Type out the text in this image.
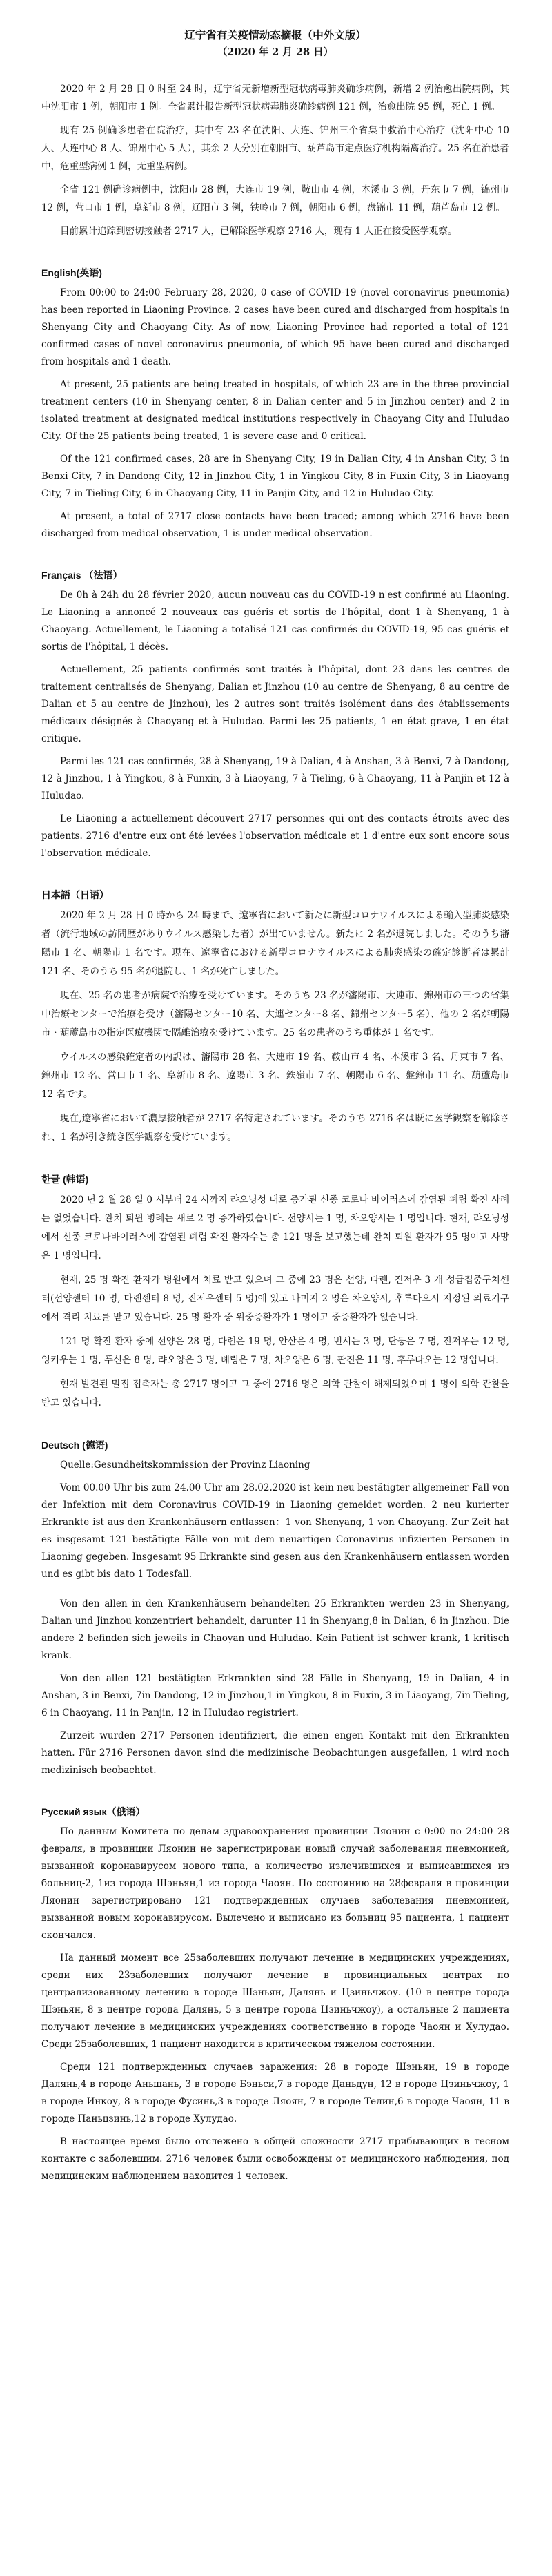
辽宁省有关疫情动态摘报（中外文版）
（2020 年 2 月 28 日）

2020 年 2 月 28 日 0 时至 24 时，辽宁省无新增新型冠状病毒肺炎确诊病例，新增 2 例治愈出院病例，其中沈阳市 1 例，朝阳市 1 例。全省累计报告新型冠状病毒肺炎确诊病例 121 例，治愈出院 95 例，死亡 1 例。

现有 25 例确诊患者在院治疗，其中有 23 名在沈阳、大连、锦州三个省集中救治中心治疗（沈阳中心 10 人、大连中心 8 人、锦州中心 5 人），其余 2 人分别在朝阳市、葫芦岛市定点医疗机构隔离治疗。25 名在治患者中，危重型病例 1 例，无重型病例。

全省 121 例确诊病例中，沈阳市 28 例，大连市 19 例，鞍山市 4 例，本溪市 3 例，丹东市 7 例，锦州市 12 例，营口市 1 例，阜新市 8 例，辽阳市 3 例，铁岭市 7 例，朝阳市 6 例，盘锦市 11 例，葫芦岛市 12 例。

目前累计追踪到密切接触者 2717 人，已解除医学观察 2716 人，现有 1 人正在接受医学观察。

English(英语)

From 00:00 to 24:00 February 28, 2020, 0 case of COVID-19 (novel coronavirus pneumonia) has been reported in Liaoning Province. 2 cases have been cured and discharged from hospitals in Shenyang City and Chaoyang City. As of now, Liaoning Province had reported a total of 121 confirmed cases of novel coronavirus pneumonia, of which 95 have been cured and discharged from hospitals and 1 death.

At present, 25 patients are being treated in hospitals, of which 23 are in the three provincial treatment centers (10 in Shenyang center, 8 in Dalian center and 5 in Jinzhou center) and 2 in isolated treatment at designated medical institutions respectively in Chaoyang City and Huludao City. Of the 25 patients being treated, 1 is severe case and 0 critical.

Of the 121 confirmed cases, 28 are in Shenyang City, 19 in Dalian City, 4 in Anshan City, 3 in Benxi City, 7 in Dandong City, 12 in Jinzhou City, 1 in Yingkou City, 8 in Fuxin City, 3 in Liaoyang City, 7 in Tieling City, 6 in Chaoyang City, 11 in Panjin City, and 12 in Huludao City.

At present, a total of 2717 close contacts have been traced; among which 2716 have been discharged from medical observation, 1 is under medical observation.

Français （法语）

De 0h à 24h du 28 février 2020, aucun nouveau cas du COVID-19 n'est confirmé au Liaoning. Le Liaoning a annoncé 2 nouveaux cas guéris et sortis de l'hôpital, dont 1 à Shenyang, 1 à Chaoyang. Actuellement, le Liaoning a totalisé 121 cas confirmés du COVID-19, 95 cas guéris et sortis de l'hôpital, 1 décès.

Actuellement, 25 patients confirmés sont traités à l'hôpital, dont 23 dans les centres de traitement centralisés de Shenyang, Dalian et Jinzhou (10 au centre de Shenyang, 8 au centre de Dalian et 5 au centre de Jinzhou), les 2 autres sont traités isolément dans des établissements médicaux désignés à Chaoyang et à Huludao. Parmi les 25 patients, 1 en état grave, 1 en état critique.

Parmi les 121 cas confirmés, 28 à Shenyang, 19 à Dalian, 4 à Anshan, 3 à Benxi, 7 à Dandong, 12 à Jinzhou, 1 à Yingkou, 8 à Funxin, 3 à Liaoyang, 7 à Tieling, 6 à Chaoyang, 11 à Panjin et 12 à Huludao.

Le Liaoning a actuellement découvert 2717 personnes qui ont des contacts étroits avec des patients. 2716 d'entre eux ont été levées l'observation médicale et 1 d'entre eux sont encore sous l'observation médicale.

日本語（日语）

2020 年 2 月 28 日 0 時から 24 時まで、遼寧省において新たに新型コロナウイルスによる輸入型肺炎感染者（流行地域の訪問歴がありウイルス感染した者）が出ていません。新たに 2 名が退院しました。そのうち瀋陽市 1 名、朝陽市 1 名です。現在、遼寧省における新型コロナウイルスによる肺炎感染の確定診断者は累計 121 名、そのうち 95 名が退院し、1 名が死亡しました。

現在、25 名の患者が病院で治療を受けています。そのうち 23 名が瀋陽市、大連市、錦州市の三つの省集中治療センターで治療を受け（瀋陽センター10 名、大連センター8 名、錦州センター5 名）、他の 2 名が朝陽市・葫蘆島市の指定医療機関で隔離治療を受けています。25 名の患者のうち重体が 1 名です。

ウイルスの感染確定者の内訳は、瀋陽市 28 名、大連市 19 名、鞍山市 4 名、本溪市 3 名、丹東市 7 名、錦州市 12 名、営口市 1 名、阜新市 8 名、遼陽市 3 名、鉄嶺市 7 名、朝陽市 6 名、盤錦市 11 名、葫蘆島市 12 名です。

現在,遼寧省において濃厚接触者が 2717 名特定されています。そのうち 2716 名は既に医学観察を解除され、1 名が引き続き医学観察を受けています。

한글 (韩语)

2020 년 2 월 28 일 0 시부터 24 시까지 랴오닝성 내로 증가된 신종 코로나 바이러스에 감염된 폐렴 확진 사례는 없었습니다. 완치 퇴원 병례는 새로 2 명 증가하였습니다. 선양시는 1 명, 차오양시는 1 명입니다. 현재, 랴오닝성에서 신종 코로나바이러스에 감염된 폐렴 확진 환자수는 총 121 명을 보고했는데 완치 퇴원 환자가 95 명이고 사망은 1 명입니다.

현재, 25 명 확진 환자가 병원에서 치료 받고 있으며 그 중에 23 명은 선양, 다롄, 진저우 3 개 성급집중구치센터(선양센터 10 명, 다롄센터 8 명, 진저우센터 5 명)에 있고 나머지 2 명은 차오양시, 후루다오시 지정된 의료기구에서 격리 치료를 받고 있습니다. 25 명 환자 중 위중증환자가 1 명이고 중증환자가 없습니다.

121 명 확진 환자 중에 선양은 28 명, 다롄은 19 명, 안산은 4 명, 번시는 3 명, 단둥은 7 명, 진저우는 12 명, 잉커우는 1 명, 푸신은 8 명, 랴오양은 3 명, 톄링은 7 명, 차오양은 6 명, 판진은 11 명, 후루다오는 12 명입니다.

현재 발견된 밀접 접촉자는 총 2717 명이고 그 중에 2716 명은 의학 관찰이 해제되었으며 1 명이 의학 관찰을 받고 있습니다.

Deutsch (德语)

Quelle:Gesundheitskommission der Provinz Liaoning

Vom 00.00 Uhr bis zum 24.00 Uhr am 28.02.2020 ist kein neu bestätigter allgemeiner Fall von der Infektion mit dem Coronavirus COVID-19 in Liaoning gemeldet worden. 2 neu kurierter Erkrankte ist aus den Krankenhäusern entlassen：1 von Shenyang, 1 von Chaoyang. Zur Zeit hat es insgesamt 121 bestätigte Fälle von mit dem neuartigen Coronavirus infizierten Personen in Liaoning gegeben. Insgesamt 95 Erkrankte sind gesen aus den Krankenhäusern entlassen worden und es gibt bis dato 1 Todesfall.

Von den allen in den Krankenhäusern behandelten 25 Erkrankten werden 23 in Shenyang, Dalian und Jinzhou konzentriert behandelt, darunter 11 in Shenyang,8 in Dalian, 6 in Jinzhou. Die andere 2 befinden sich jeweils in Chaoyan und Huludao. Kein Patient ist schwer krank, 1 kritisch krank.

Von den allen 121 bestätigten Erkrankten sind 28 Fälle in Shenyang, 19 in Dalian, 4 in Anshan, 3 in Benxi, 7in Dandong, 12 in Jinzhou,1 in Yingkou, 8 in Fuxin, 3 in Liaoyang, 7in Tieling, 6 in Chaoyang, 11 in Panjin, 12 in Huludao registriert.

Zurzeit wurden 2717 Personen identifiziert, die einen engen Kontakt mit den Erkrankten hatten. Für 2716 Personen davon sind die medizinische Beobachtungen ausgefallen, 1 wird noch medizinisch beobachtet.

Русский язык（俄语）

По данным Комитета по делам здравоохранения провинции Ляонин с 0:00 по 24:00 28 февраля, в провинции Ляонин не зарегистрирован новый случай заболевания пневмонией, вызванной коронавирусом нового типа, а количество излечившихся и выписавшихся из больниц-2, 1из города Шэньян,1 из города Чаоян. По состоянию на 28февраля в провинции Ляонин зарегистрировано 121 подтвержденных случаев заболевания пневмонией, вызванной новым коронавирусом. Вылечено и выписано из больниц 95 пациента, 1 пациент скончался.

На данный момент все 25заболевших получают лечение в медицинских учреждениях, среди них 23заболевших получают лечение в провинциальных центрах по централизованному лечению в городе Шэньян, Далянь и Цзиньчжоу. (10 в центре города Шэньян, 8 в центре города Далянь, 5 в центре города Цзиньчжоу), а остальные 2 пациента получают лечение в медицинских учреждениях соответственно в городе Чаоян и Хулудао. Среди 25заболевших, 1 пациент находится в критическом тяжелом состоянии.

Среди 121 подтвержденных случаев заражения: 28 в городе Шэньян, 19 в городе Далянь,4 в городе Аньшань, 3 в городе Бэньси,7 в городе Даньдун, 12 в городе Цзиньчжоу, 1 в городе Инкоу, 8 в городе Фусинь,3 в городе Ляоян, 7 в городе Телин,6 в городе Чаоян, 11 в городе Паньцзинь,12 в городе Хулудао.

В настоящее время было отслежено в общей сложности 2717 прибывающих в тесном контакте с заболевшим. 2716 человек были освобождены от медицинского наблюдения, под медицинским наблюдением находится 1 человек.
